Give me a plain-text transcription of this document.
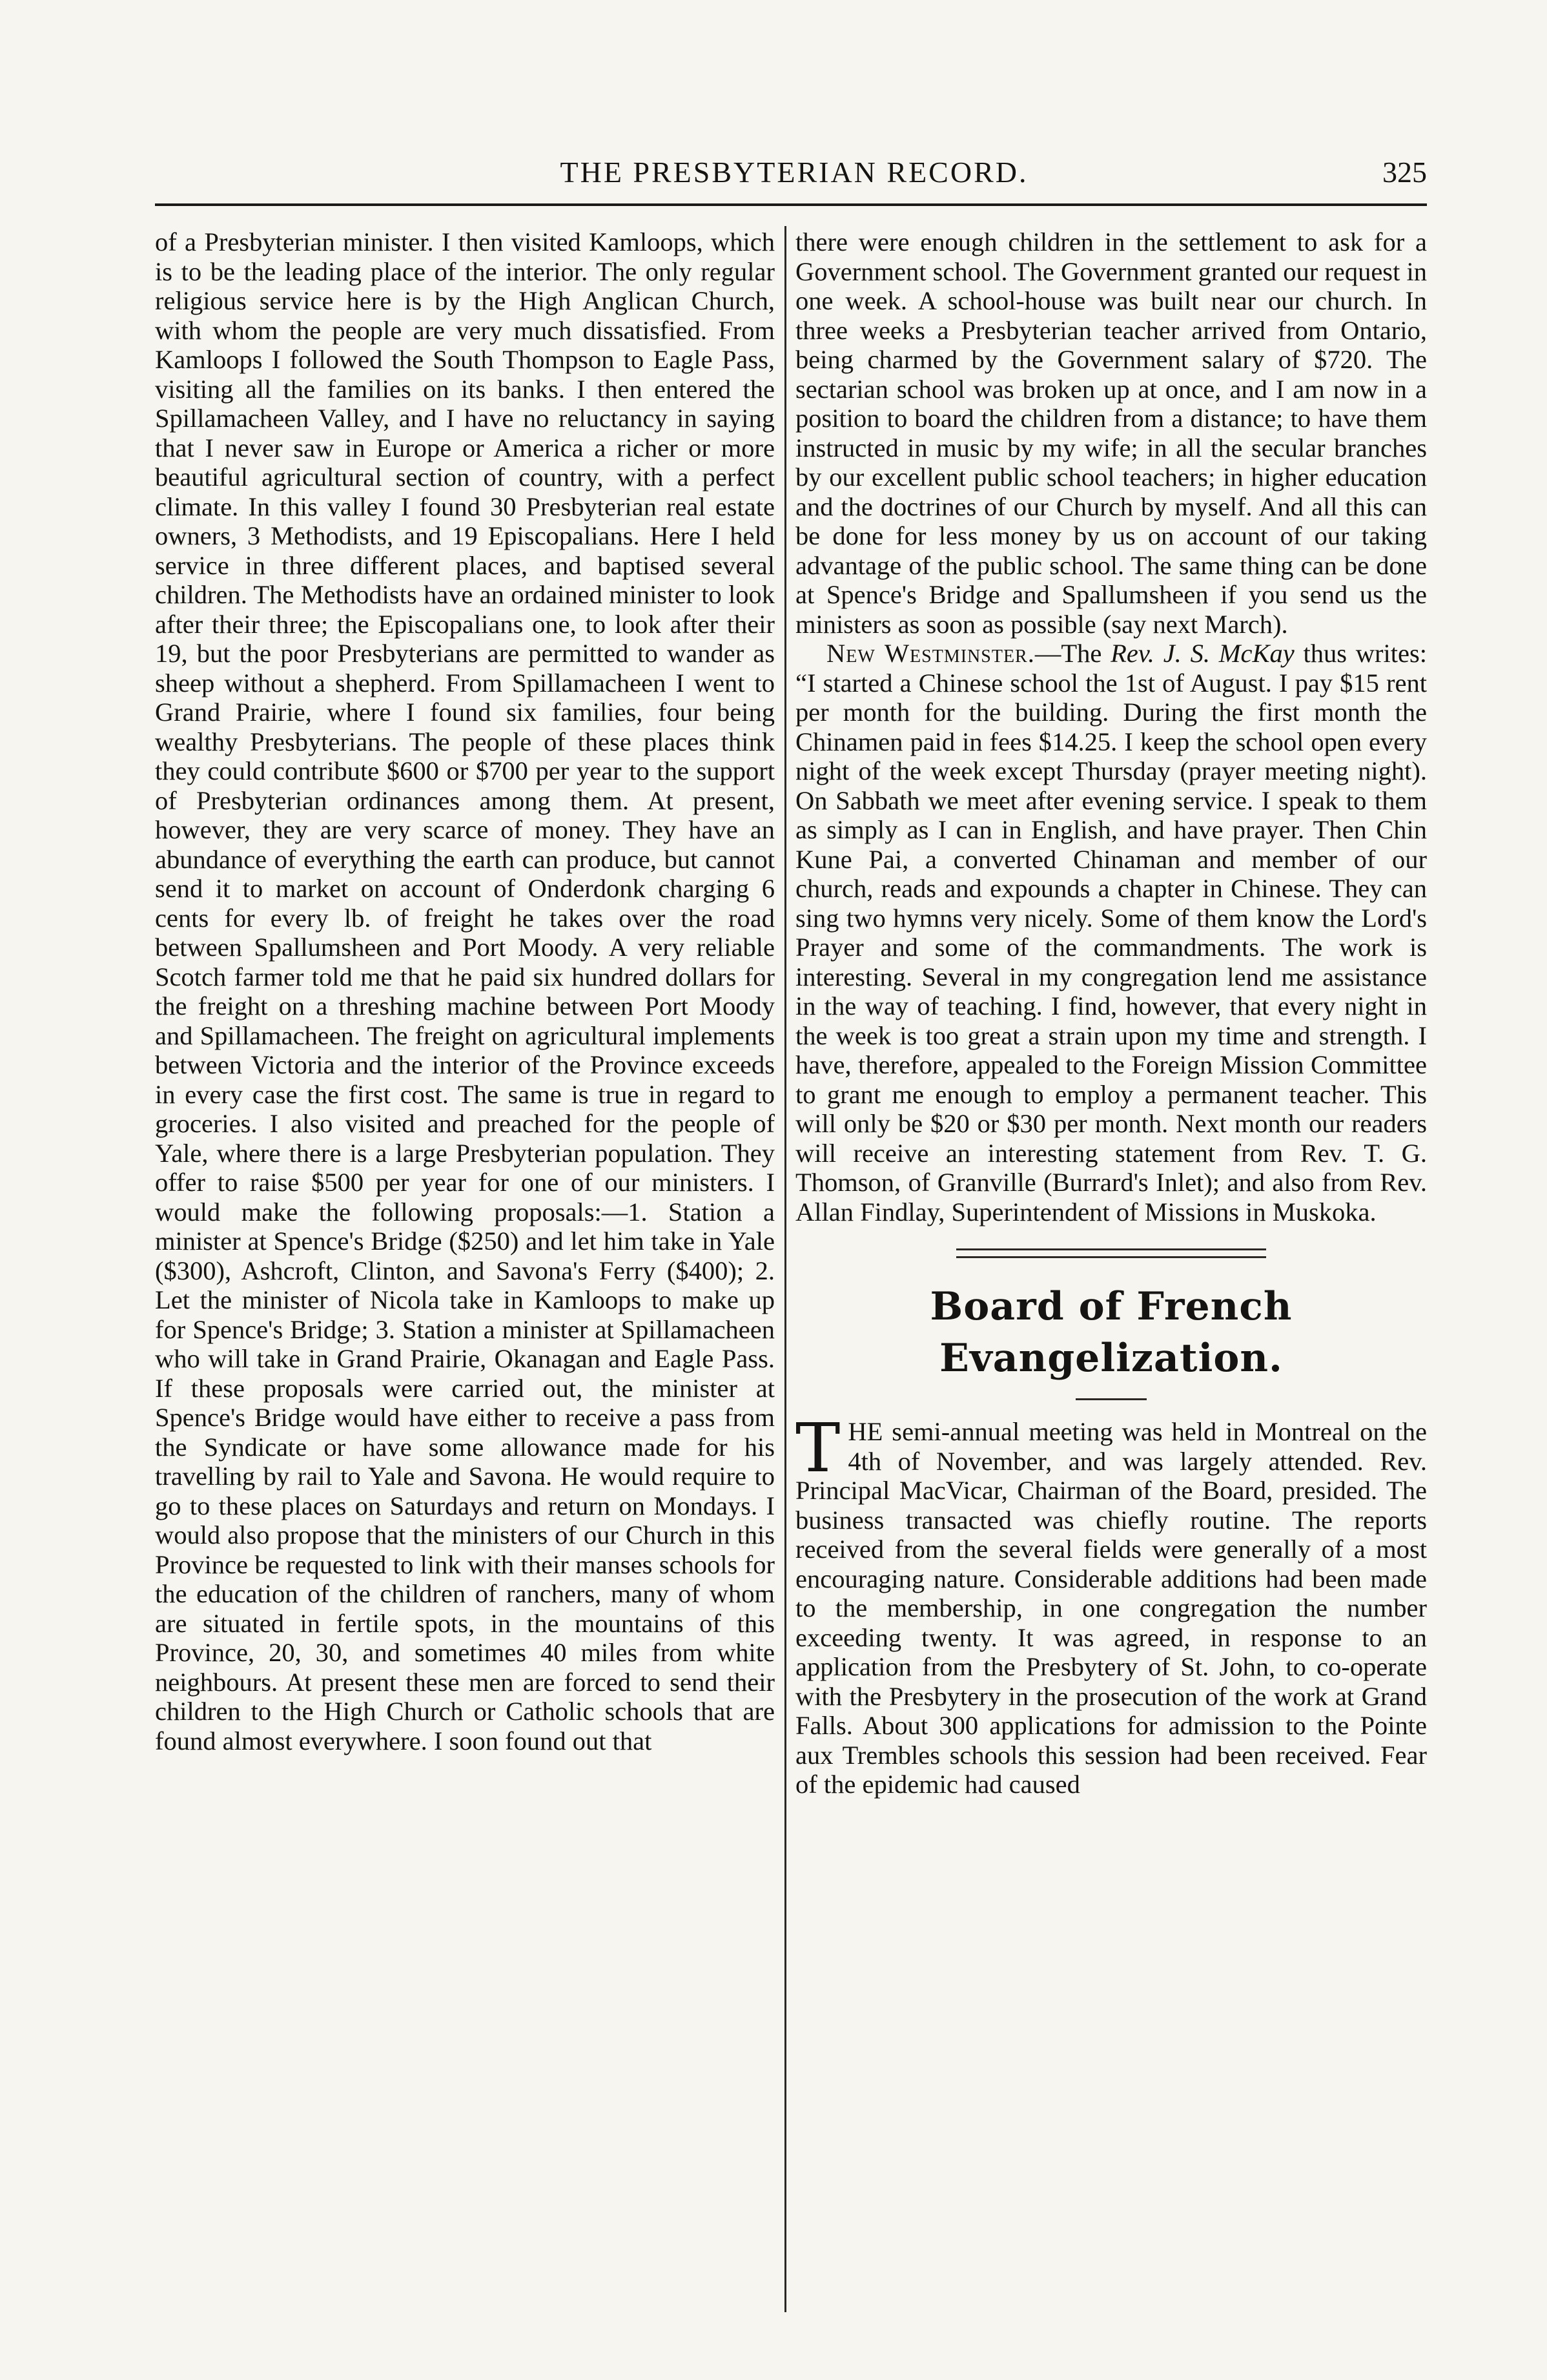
THE PRESBYTERIAN RECORD.	325

of a Presbyterian minister. I then visited Kamloops, which is to be the leading place of the interior. The only regular religious service here is by the High Anglican Church, with whom the people are very much dissatisfied. From Kamloops I followed the South Thompson to Eagle Pass, visiting all the families on its banks. I then entered the Spillamacheen Valley, and I have no reluctancy in saying that I never saw in Europe or America a richer or more beautiful agricultural section of country, with a perfect climate. In this valley I found 30 Presbyterian real estate owners, 3 Methodists, and 19 Episcopalians. Here I held service in three different places, and baptised several children. The Methodists have an ordained minister to look after their three; the Episcopalians one, to look after their 19, but the poor Presbyterians are permitted to wander as sheep without a shepherd. From Spillamacheen I went to Grand Prairie, where I found six families, four being wealthy Presbyterians. The people of these places think they could contribute $600 or $700 per year to the support of Presbyterian ordinances among them. At present, however, they are very scarce of money. They have an abundance of everything the earth can produce, but cannot send it to market on account of Onderdonk charging 6 cents for every lb. of freight he takes over the road between Spallumsheen and Port Moody. A very reliable Scotch farmer told me that he paid six hundred dollars for the freight on a threshing machine between Port Moody and Spillamacheen. The freight on agricultural implements between Victoria and the interior of the Province exceeds in every case the first cost. The same is true in regard to groceries. I also visited and preached for the people of Yale, where there is a large Presbyterian population. They offer to raise $500 per year for one of our ministers. I would make the following proposals:—1. Station a minister at Spence's Bridge ($250) and let him take in Yale ($300), Ashcroft, Clinton, and Savona's Ferry ($400); 2. Let the minister of Nicola take in Kamloops to make up for Spence's Bridge; 3. Station a minister at Spillamacheen who will take in Grand Prairie, Okanagan and Eagle Pass. If these proposals were carried out, the minister at Spence's Bridge would have either to receive a pass from the Syndicate or have some allowance made for his travelling by rail to Yale and Savona. He would require to go to these places on Saturdays and return on Mondays. I would also propose that the ministers of our Church in this Province be requested to link with their manses schools for the education of the children of ranchers, many of whom are situated in fertile spots, in the mountains of this Province, 20, 30, and sometimes 40 miles from white neighbours. At present these men are forced to send their children to the High Church or Catholic schools that are found almost everywhere. I soon found out that

there were enough children in the settlement to ask for a Government school. The Government granted our request in one week. A school-house was built near our church. In three weeks a Presbyterian teacher arrived from Ontario, being charmed by the Government salary of $720. The sectarian school was broken up at once, and I am now in a position to board the children from a distance; to have them instructed in music by my wife; in all the secular branches by our excellent public school teachers; in higher education and the doctrines of our Church by myself. And all this can be done for less money by us on account of our taking advantage of the public school. The same thing can be done at Spence's Bridge and Spallumsheen if you send us the ministers as soon as possible (say next March).

New Westminster.—The Rev. J. S. McKay thus writes: “I started a Chinese school the 1st of August. I pay $15 rent per month for the building. During the first month the Chinamen paid in fees $14.25. I keep the school open every night of the week except Thursday (prayer meeting night). On Sabbath we meet after evening service. I speak to them as simply as I can in English, and have prayer. Then Chin Kune Pai, a converted Chinaman and member of our church, reads and expounds a chapter in Chinese. They can sing two hymns very nicely. Some of them know the Lord's Prayer and some of the commandments. The work is interesting. Several in my congregation lend me assistance in the way of teaching. I find, however, that every night in the week is too great a strain upon my time and strength. I have, therefore, appealed to the Foreign Mission Committee to grant me enough to employ a permanent teacher. This will only be $20 or $30 per month. Next month our readers will receive an interesting statement from Rev. T. G. Thomson, of Granville (Burrard's Inlet); and also from Rev. Allan Findlay, Superintendent of Missions in Muskoka.

Board of French Evangelization.

THE semi-annual meeting was held in Montreal on the 4th of November, and was largely attended. Rev. Principal MacVicar, Chairman of the Board, presided. The business transacted was chiefly routine. The reports received from the several fields were generally of a most encouraging nature. Considerable additions had been made to the membership, in one congregation the number exceeding twenty. It was agreed, in response to an application from the Presbytery of St. John, to co-operate with the Presbytery in the prosecution of the work at Grand Falls. About 300 applications for admission to the Pointe aux Trembles schools this session had been received. Fear of the epidemic had caused
